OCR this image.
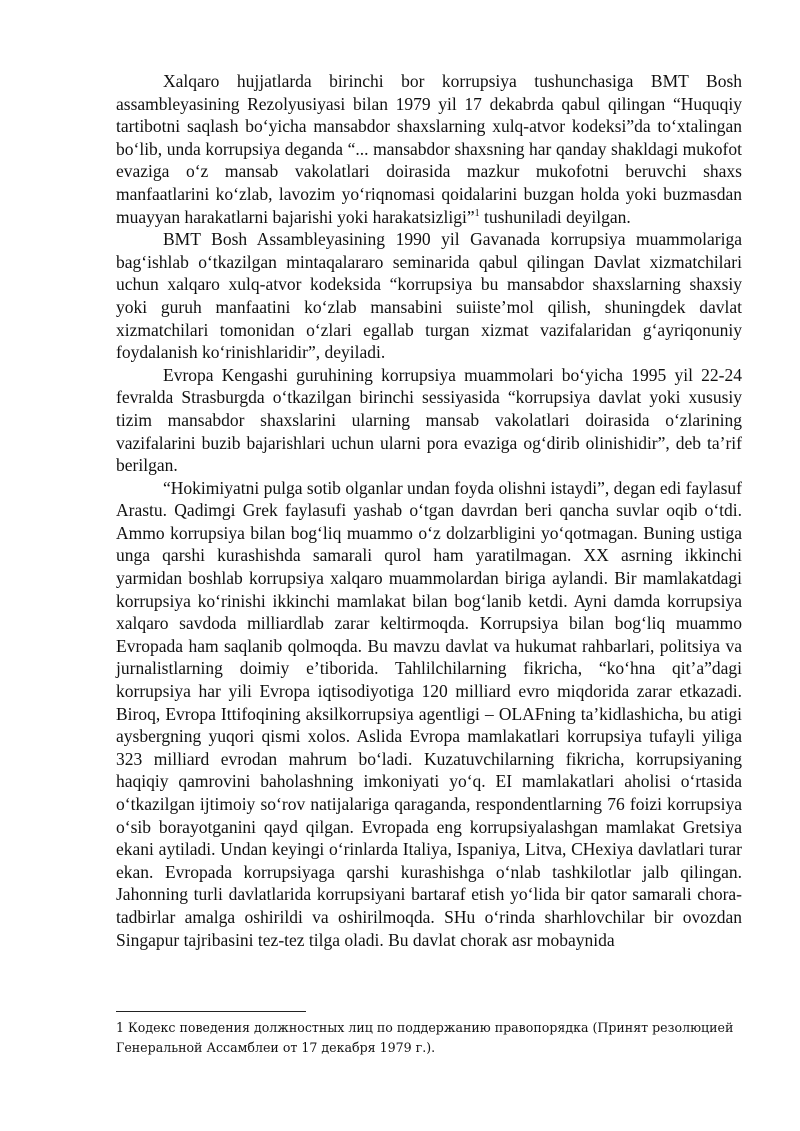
Xalqaro hujjatlarda birinchi bor korrupsiya tushunchasiga BMT Bosh assambleyasining Rezolyusiyasi bilan 1979 yil 17 dekabrda qabul qilingan “Huquqiy tartibotni saqlash boʻyicha mansabdor shaxslarning xulq-atvor kodeksi”da toʻxtalingan boʻlib, unda korrupsiya deganda “... mansabdor shaxsning har qanday shakldagi mukofot evaziga oʻz mansab vakolatlari doirasida mazkur mukofotni beruvchi shaxs manfaatlarini koʻzlab, lavozim yoʻriqnomasi qoidalarini buzgan holda yoki buzmasdan muayyan harakatlarni bajarishi yoki harakatsizligi”$^1$ tushuniladi deyilgan.

BMT Bosh Assambleyasining 1990 yil Gavanada korrupsiya muammolariga bagʻishlab oʻtkazilgan mintaqalararo seminarida qabul qilingan Davlat xizmatchilari uchun xalqaro xulq-atvor kodeksida “korrupsiya bu mansabdor shaxslarning shaxsiy yoki guruh manfaatini koʻzlab mansabini suiisteʼmol qilish, shuningdek davlat xizmatchilari tomonidan oʻzlari egallab turgan xizmat vazifalaridan gʻayriqonuniy foydalanish koʻrinishlaridir”, deyiladi.

Evropa Kengashi guruhining korrupsiya muammolari boʻyicha 1995 yil 22-24 fevralda Strasburgda oʻtkazilgan birinchi sessiyasida “korrupsiya davlat yoki xususiy tizim mansabdor shaxslarini ularning mansab vakolatlari doirasida oʻzlarining vazifalarini buzib bajarishlari uchun ularni pora evaziga ogʻdirib olinishidir”, deb taʼrif berilgan.

“Hokimiyatni pulga sotib olganlar undan foyda olishni istaydi”, degan edi faylasuf Arastu. Qadimgi Grek faylasufi yashab oʻtgan davrdan beri qancha suvlar oqib oʻtdi. Ammo korrupsiya bilan bogʻliq muammo oʻz dolzarbligini yoʻqotmagan. Buning ustiga unga qarshi kurashishda samarali qurol ham yaratilmagan. XX asrning ikkinchi yarmidan boshlab korrupsiya xalqaro muammolardan biriga aylandi. Bir mamlakatdagi korrupsiya koʻrinishi ikkinchi mamlakat bilan bogʻlanib ketdi. Ayni damda korrupsiya xalqaro savdoda milliardlab zarar keltirmoqda. Korrupsiya bilan bogʻliq muammo Evropada ham saqlanib qolmoqda. Bu mavzu davlat va hukumat rahbarlari, politsiya va jurnalistlarning doimiy eʼtiborida. Tahlilchilarning fikricha, “koʻhna qitʼa”dagi korrupsiya har yili Evropa iqtisodiyotiga 120 milliard evro miqdorida zarar etkazadi. Biroq, Evropa Ittifoqining aksilkorrupsiya agentligi – OLAFning taʼkidlashicha, bu atigi aysbergning yuqori qismi xolos. Aslida Evropa mamlakatlari korrupsiya tufayli yiliga 323 milliard evrodan mahrum boʻladi. Kuzatuvchilarning fikricha, korrupsiyaning haqiqiy qamrovini baholashning imkoniyati yoʻq. EI mamlakatlari aholisi oʻrtasida oʻtkazilgan ijtimoiy soʻrov natijalariga qaraganda, respondentlarning 76 foizi korrupsiya oʻsib borayotganini qayd qilgan. Evropada eng korrupsiyalashgan mamlakat Gretsiya ekani aytiladi. Undan keyingi oʻrinlarda Italiya, Ispaniya, Litva, CHexiya davlatlari turar ekan. Evropada korrupsiyaga qarshi kurashishga oʻnlab tashkilotlar jalb qilingan. Jahonning turli davlatlarida korrupsiyani bartaraf etish yoʻlida bir qator samarali chora-tadbirlar amalga oshirildi va oshirilmoqda. SHu oʻrinda sharhlovchilar bir ovozdan Singapur tajribasini tez-tez tilga oladi. Bu davlat chorak asr mobaynida

1 Кодекс поведения должностных лиц по поддержанию правопорядка (Принят резолюцией Генеральной Ассамблеи от 17 декабря 1979 г.).
